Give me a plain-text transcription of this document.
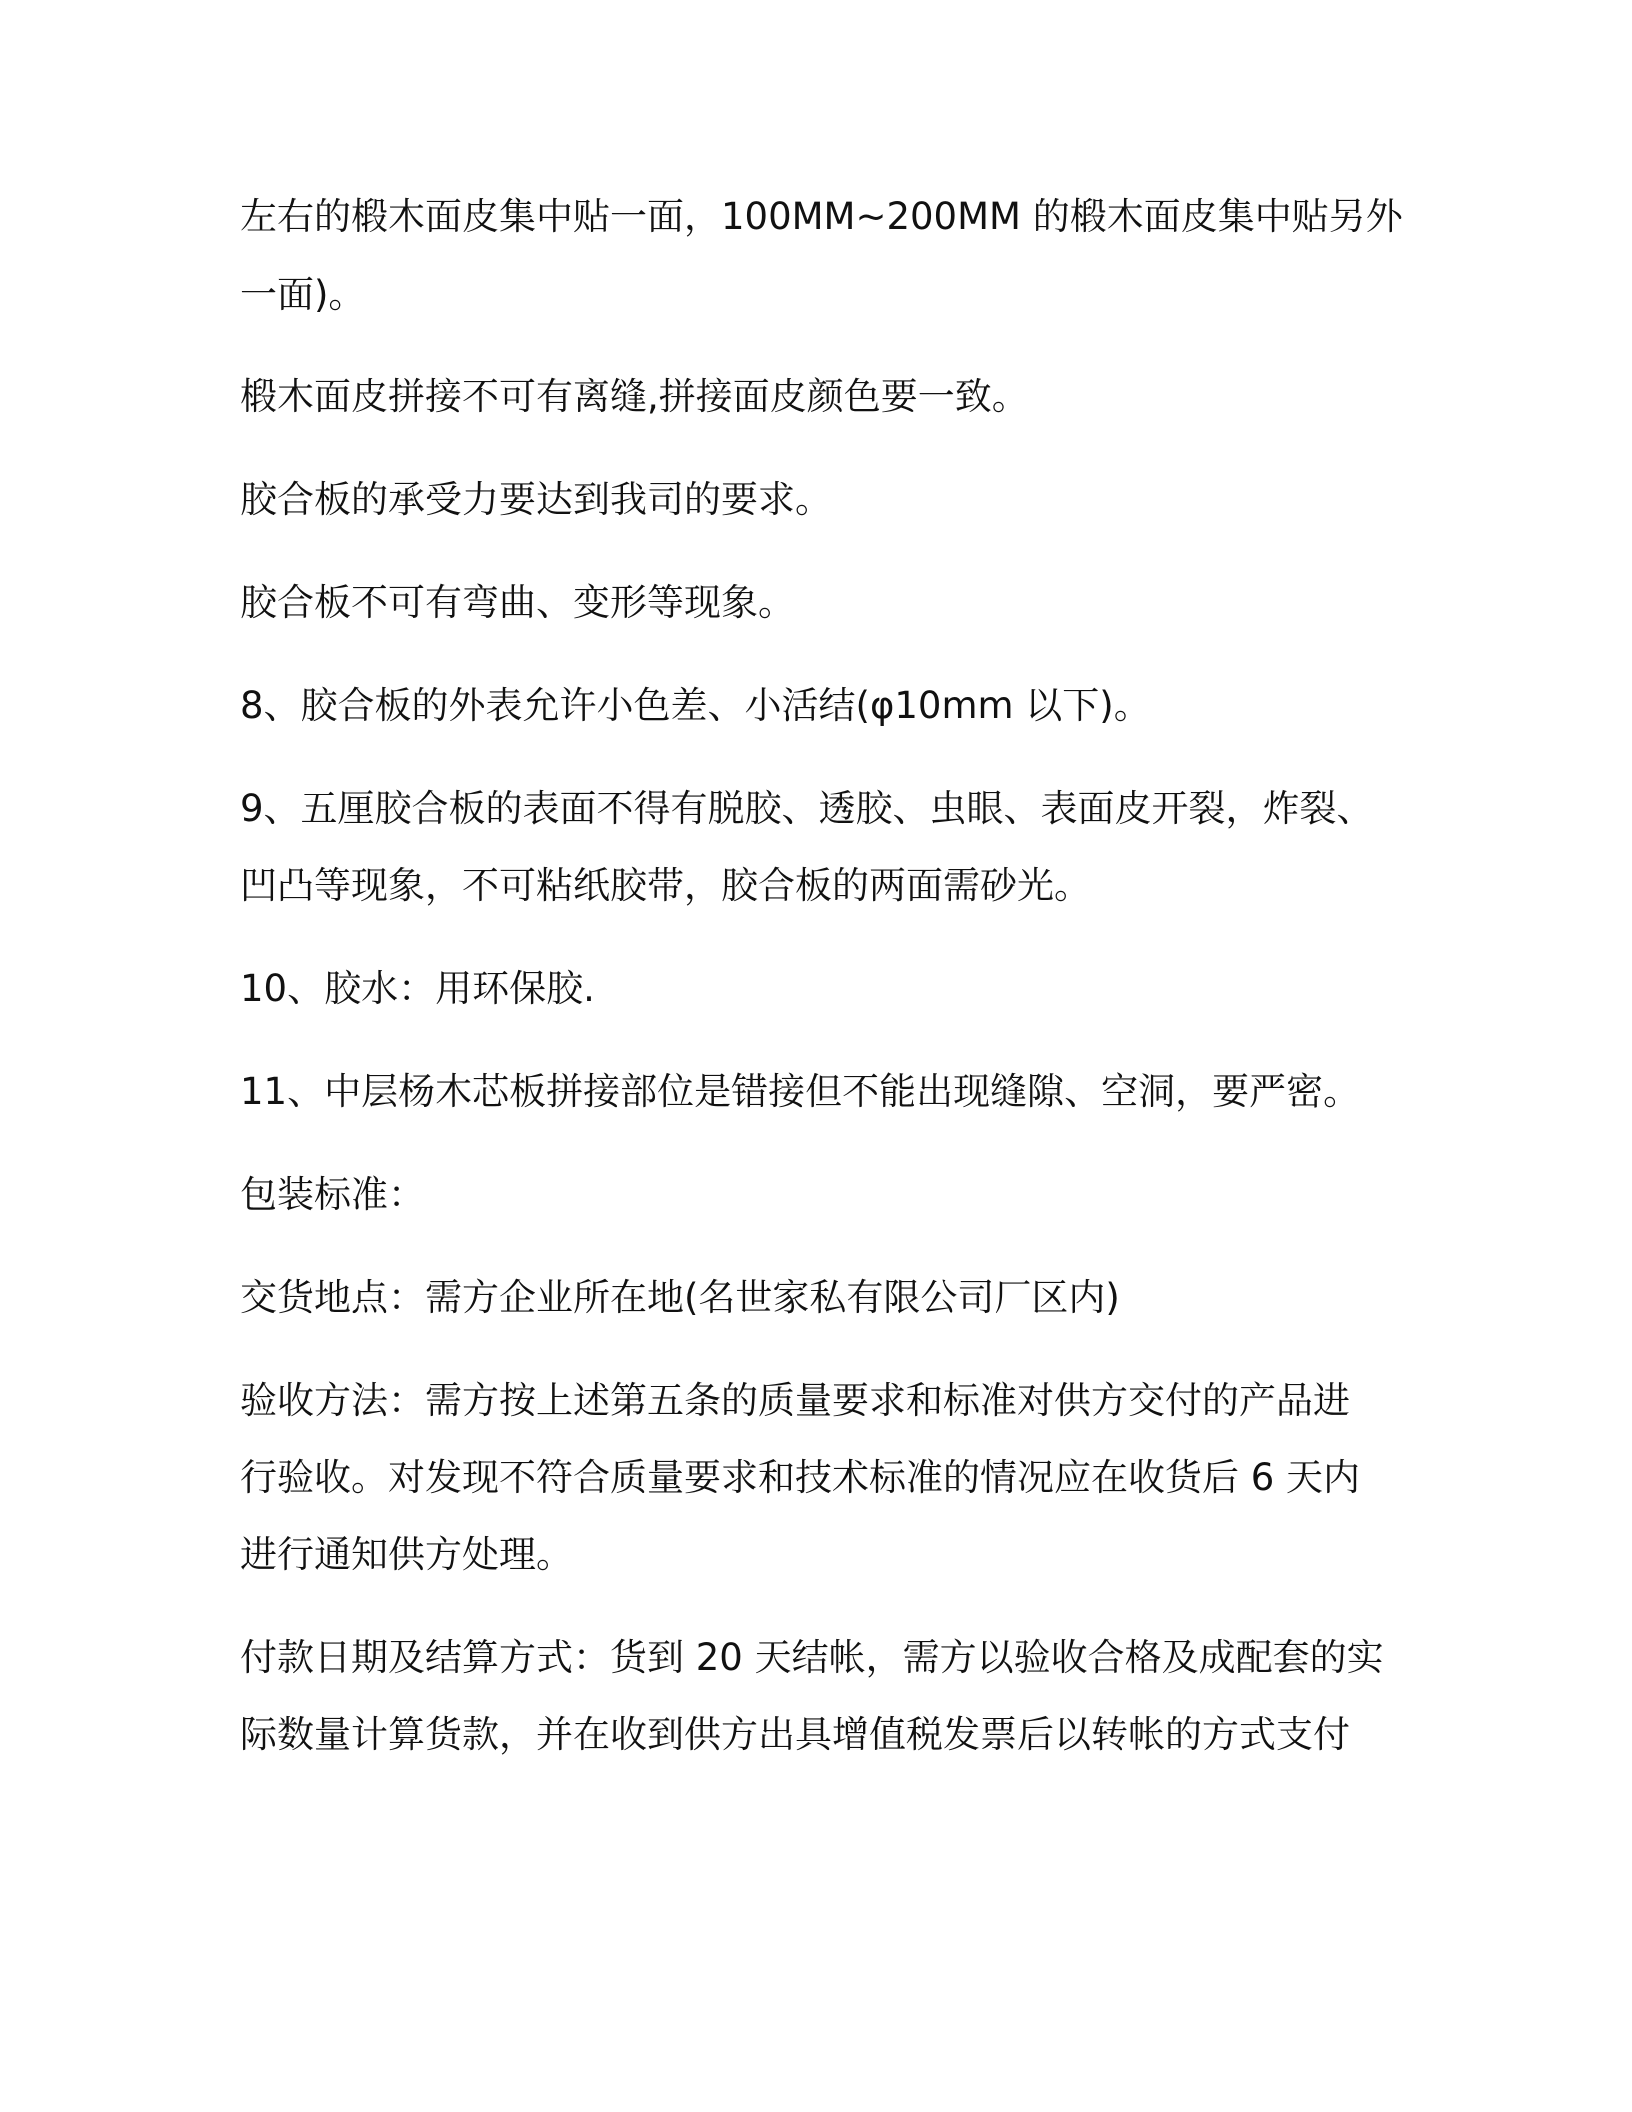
左右的椴木面皮集中贴一面，100MM~200MM 的椴木面皮集中贴另外
一面)。
椴木面皮拼接不可有离缝,拼接面皮颜色要一致。
胶合板的承受力要达到我司的要求。
胶合板不可有弯曲、变形等现象。
8、胶合板的外表允许小色差、小活结(φ10mm 以下)。
9、五厘胶合板的表面不得有脱胶、透胶、虫眼、表面皮开裂，炸裂、
凹凸等现象，不可粘纸胶带，胶合板的两面需砂光。
10、胶水：用环保胶.
11、中层杨木芯板拼接部位是错接但不能出现缝隙、空洞，要严密。
包装标准：
交货地点：需方企业所在地(名世家私有限公司厂区内)
验收方法：需方按上述第五条的质量要求和标准对供方交付的产品进
行验收。对发现不符合质量要求和技术标准的情况应在收货后 6 天内
进行通知供方处理。
付款日期及结算方式：货到 20 天结帐，需方以验收合格及成配套的实
际数量计算货款，并在收到供方出具增值税发票后以转帐的方式支付
